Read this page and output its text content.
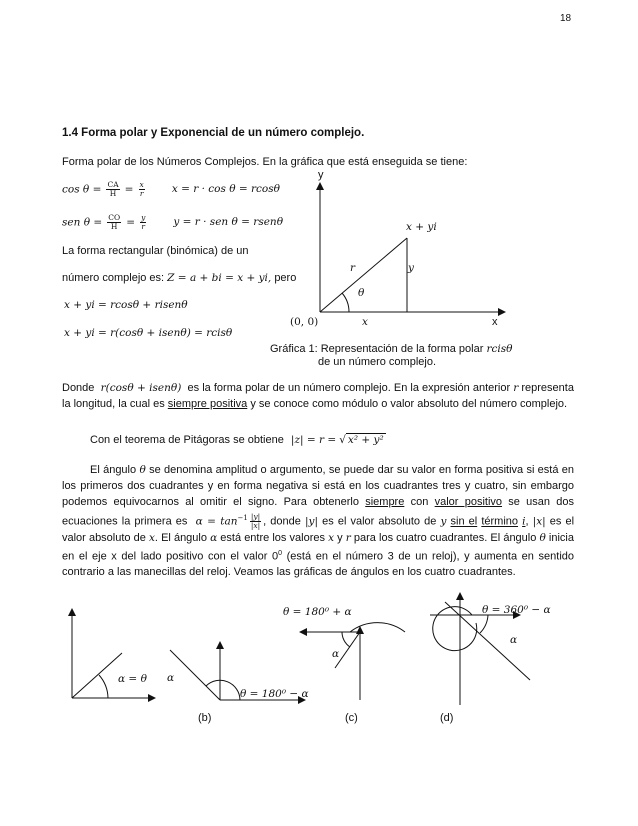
18
1.4 Forma polar y Exponencial de un número complejo.
Forma polar de los Números Complejos. En la gráfica que está enseguida se tiene:
$\cos \theta = \frac{CA}{H} = \frac{x}{r}$	x = r · cos θ = rcosθ
sen $\theta = \frac{CO}{H} = \frac{y}{r}$	y = r · sen θ = rsenθ
La forma rectangular (binómica) de un
número complejo es: Z = a + bi = x + yi, pero
x + yi = rcosθ + risenθ
x + yi = r(cosθ + isenθ) = rcisθ
y
x
x + yi
r	y
θ
(0, 0)	x
Gráfica 1: Representación de la forma polar rcisθ
de un número complejo.
Donde r(cosθ + isenθ) es la forma polar de un número complejo. En la expresión anterior r representa la longitud, la cual es siempre positiva y se conoce como módulo o valor absoluto del número complejo.
Con el teorema de Pitágoras se obtiene |z| = r = √ x² + y²
El ángulo θ se denomina amplitud o argumento, se puede dar su valor en forma positiva si está en los primeros dos cuadrantes y en forma negativa si está en los cuadrantes tres y cuatro, sin embargo podemos equivocarnos al omitir el signo. Para obtenerlo siempre con valor positivo se usan dos ecuaciones la primera es $\alpha = \tan^{-1} \frac{|y|}{|x|}$ , donde |y| es el valor absoluto de y sin el término i, |x| es el valor absoluto de x. El ángulo α está entre los valores x y r para los cuatro cuadrantes. El ángulo θ inicia en el eje x del lado positivo con el valor $0^0$ (está en el número 3 de un reloj), y aumenta en sentido contrario a las manecillas del reloj. Veamos las gráficas de ángulos en los cuatro cuadrantes.
α = θ α
θ = 180⁰ − α
(b)
θ = 180⁰ + α
α
(c)
θ = 360⁰ − α
α
(d)
